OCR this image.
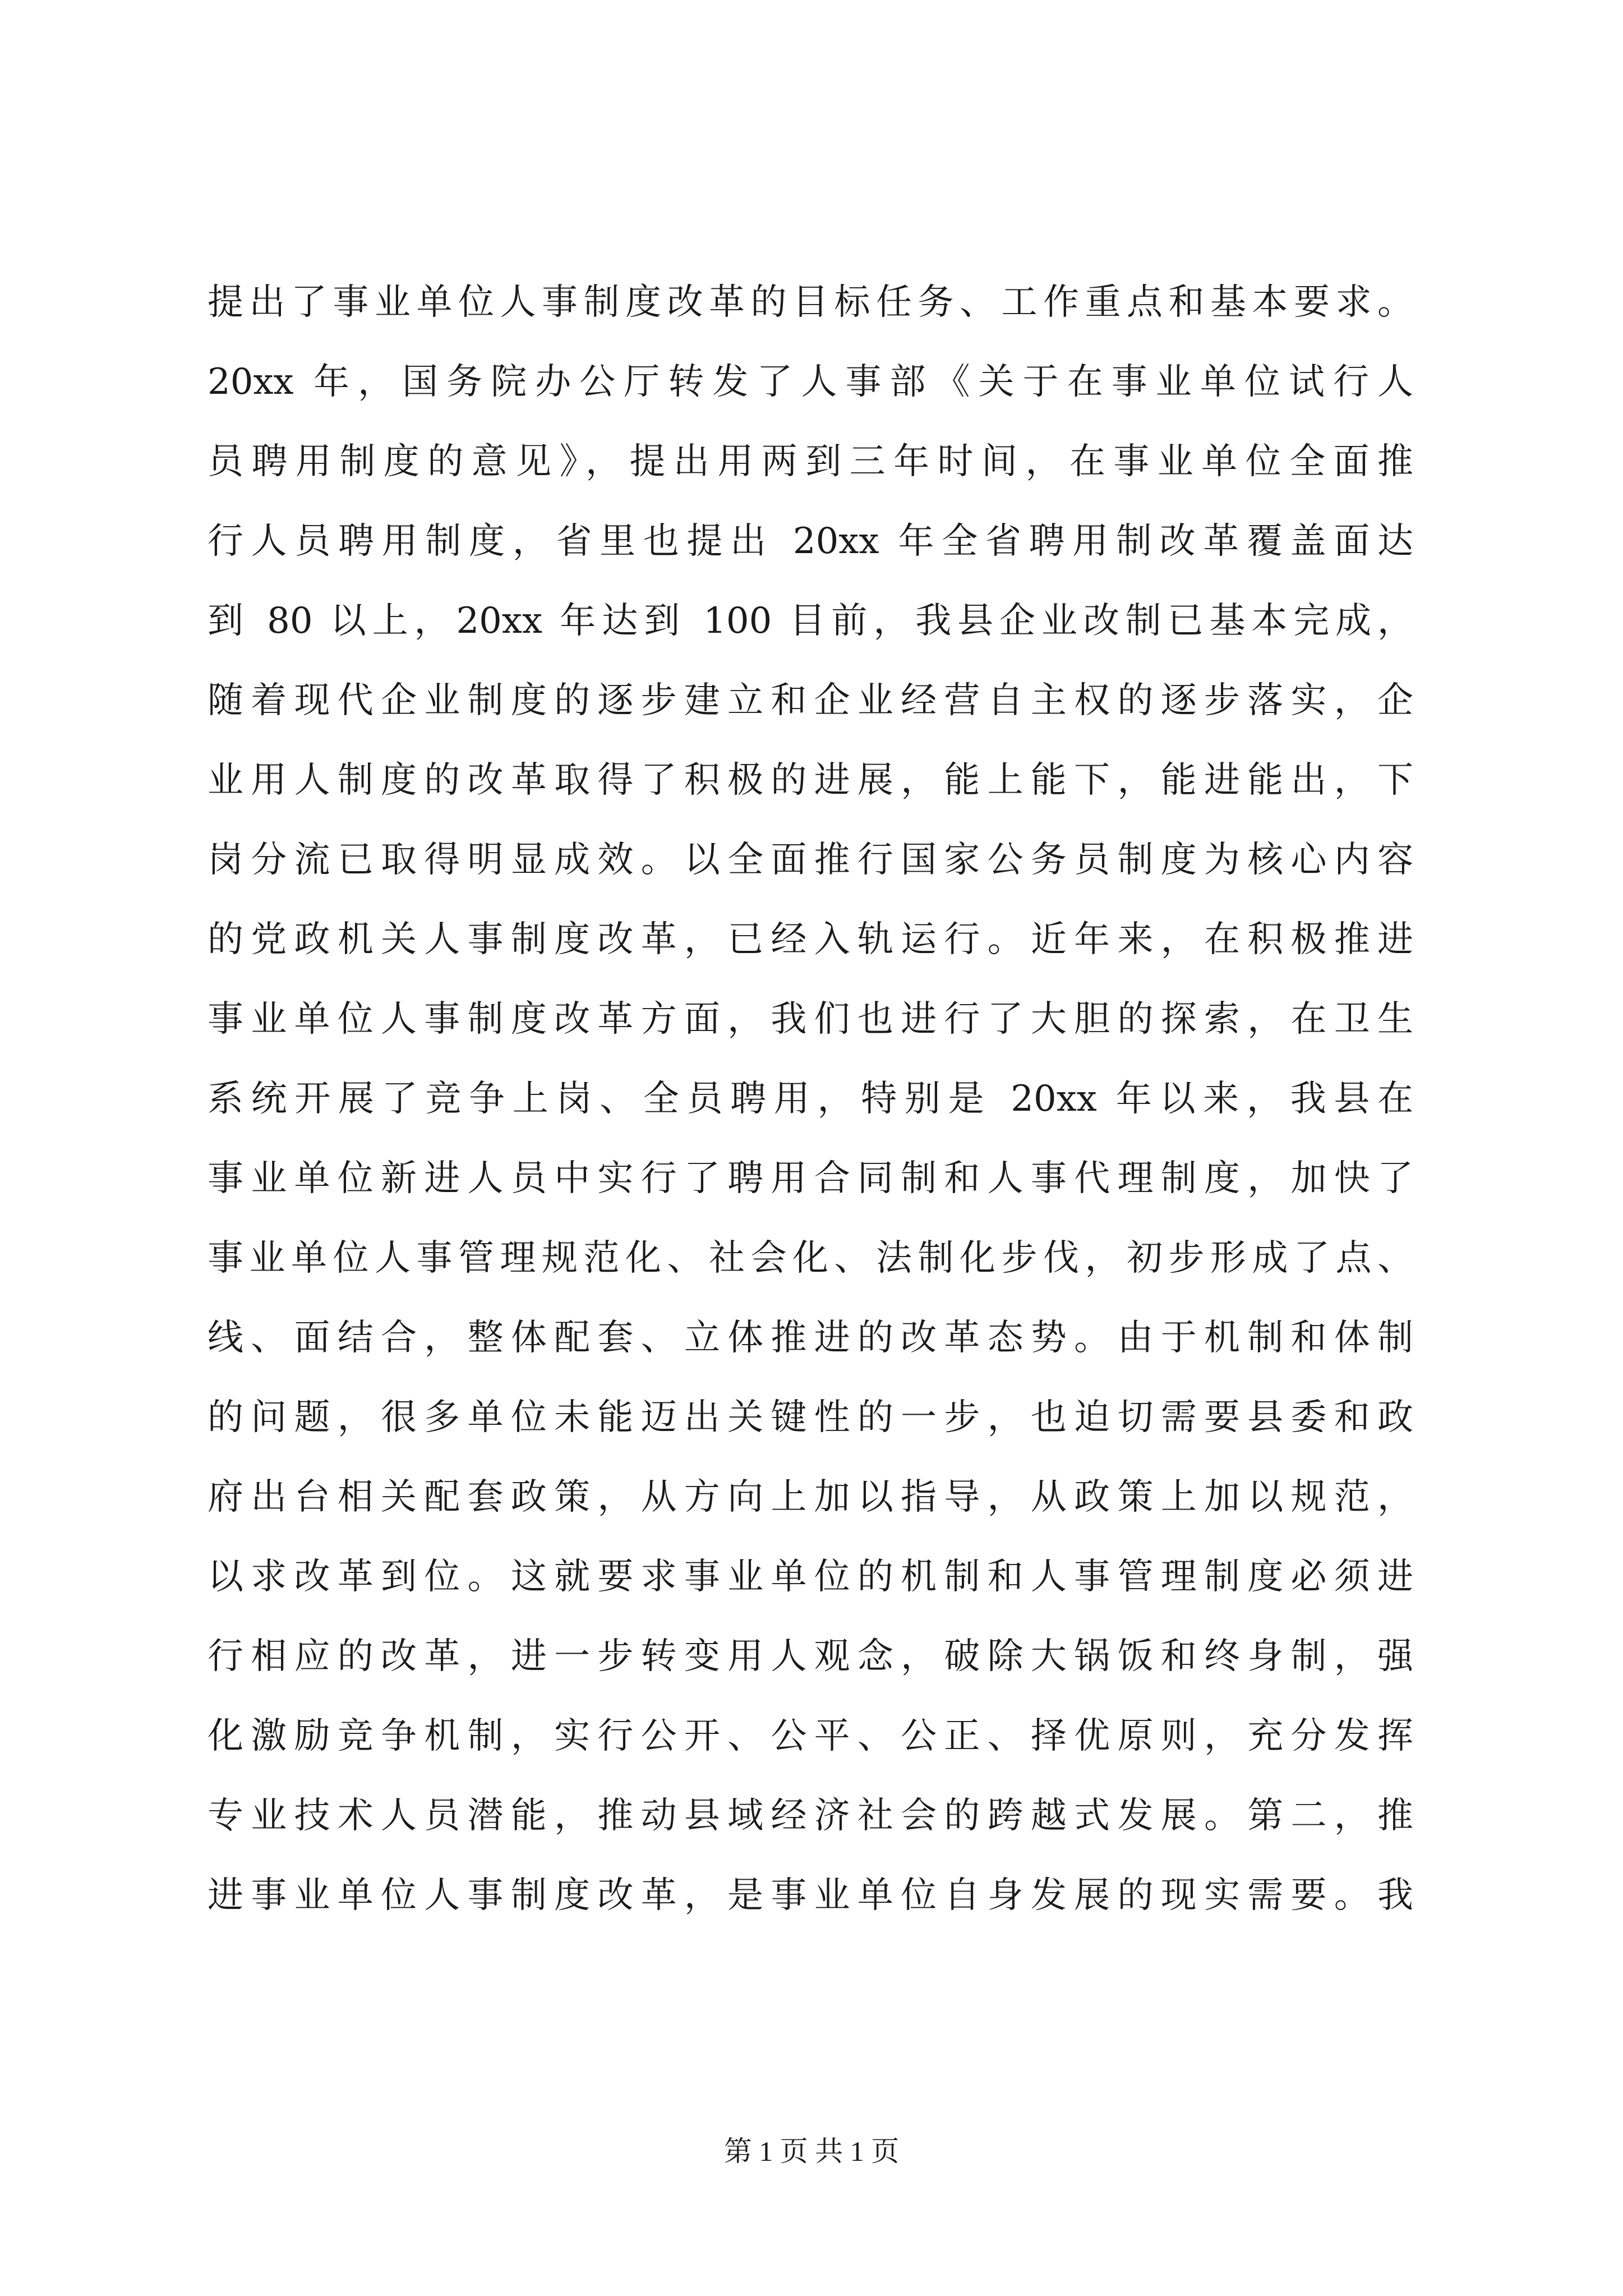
提出了事业单位人事制度改革的目标任务、工作重点和基本要求。
20xx 年，国务院办公厅转发了人事部《关于在事业单位试行人
员聘用制度的意见》，提出用两到三年时间，在事业单位全面推
行人员聘用制度，省里也提出 20xx 年全省聘用制改革覆盖面达
到 80 以上，20xx 年达到 100 目前，我县企业改制已基本完成，
随着现代企业制度的逐步建立和企业经营自主权的逐步落实，企
业用人制度的改革取得了积极的进展，能上能下，能进能出，下
岗分流已取得明显成效。以全面推行国家公务员制度为核心内容
的党政机关人事制度改革，已经入轨运行。近年来，在积极推进
事业单位人事制度改革方面，我们也进行了大胆的探索，在卫生
系统开展了竞争上岗、全员聘用，特别是 20xx 年以来，我县在
事业单位新进人员中实行了聘用合同制和人事代理制度，加快了
事业单位人事管理规范化、社会化、法制化步伐，初步形成了点、
线、面结合，整体配套、立体推进的改革态势。由于机制和体制
的问题，很多单位未能迈出关键性的一步，也迫切需要县委和政
府出台相关配套政策，从方向上加以指导，从政策上加以规范，
以求改革到位。这就要求事业单位的机制和人事管理制度必须进
行相应的改革，进一步转变用人观念，破除大锅饭和终身制，强
化激励竞争机制，实行公开、公平、公正、择优原则，充分发挥
专业技术人员潜能，推动县域经济社会的跨越式发展。第二，推
进事业单位人事制度改革，是事业单位自身发展的现实需要。我
第 1 页 共 1 页
